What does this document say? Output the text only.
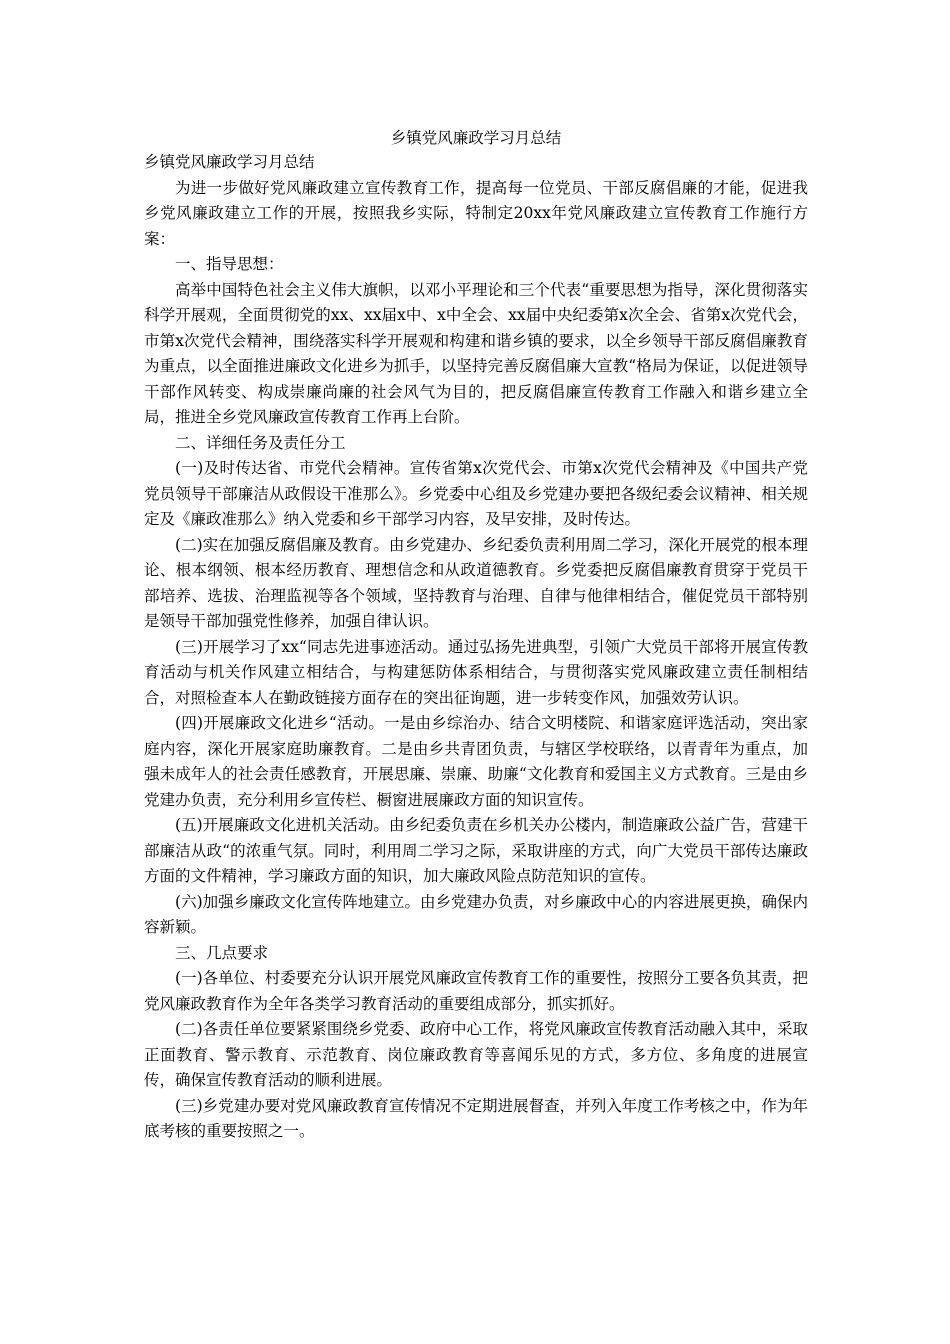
乡镇党风廉政学习月总结

乡镇党风廉政学习月总结

为进一步做好党风廉政建立宣传教育工作，提高每一位党员、干部反腐倡廉的才能，促进我乡党风廉政建立工作的开展，按照我乡实际，特制定20xx年党风廉政建立宣传教育工作施行方案：

一、指导思想：

高举中国特色社会主义伟大旗帜，以邓小平理论和三个代表“重要思想为指导，深化贯彻落实科学开展观，全面贯彻党的xx、xx届x中、x中全会、xx届中央纪委第x次全会、省第x次党代会，市第x次党代会精神，围绕落实科学开展观和构建和谐乡镇的要求，以全乡领导干部反腐倡廉教育为重点，以全面推进廉政文化进乡为抓手，以坚持完善反腐倡廉大宣教“格局为保证，以促进领导干部作风转变、构成崇廉尚廉的社会风气为目的，把反腐倡廉宣传教育工作融入和谐乡建立全局，推进全乡党风廉政宣传教育工作再上台阶。

二、详细任务及责任分工

(一)及时传达省、市党代会精神。宣传省第x次党代会、市第x次党代会精神及《中国共产党党员领导干部廉洁从政假设干准那么》。乡党委中心组及乡党建办要把各级纪委会议精神、相关规定及《廉政准那么》纳入党委和乡干部学习内容，及早安排，及时传达。

(二)实在加强反腐倡廉及教育。由乡党建办、乡纪委负责利用周二学习，深化开展党的根本理论、根本纲领、根本经历教育、理想信念和从政道德教育。乡党委把反腐倡廉教育贯穿于党员干部培养、选拔、治理监视等各个领域，坚持教育与治理、自律与他律相结合，催促党员干部特别是领导干部加强党性修养，加强自律认识。

(三)开展学习了xx“同志先进事迹活动。通过弘扬先进典型，引领广大党员干部将开展宣传教育活动与机关作风建立相结合，与构建惩防体系相结合，与贯彻落实党风廉政建立责任制相结合，对照检查本人在勤政链接方面存在的突出征询题，进一步转变作风，加强效劳认识。

(四)开展廉政文化进乡“活动。一是由乡综治办、结合文明楼院、和谐家庭评选活动，突出家庭内容，深化开展家庭助廉教育。二是由乡共青团负责，与辖区学校联络，以青青年为重点，加强未成年人的社会责任感教育，开展思廉、崇廉、助廉“文化教育和爱国主义方式教育。三是由乡党建办负责，充分利用乡宣传栏、橱窗进展廉政方面的知识宣传。

(五)开展廉政文化进机关活动。由乡纪委负责在乡机关办公楼内，制造廉政公益广告，营建干部廉洁从政“的浓重气氛。同时，利用周二学习之际，采取讲座的方式，向广大党员干部传达廉政方面的文件精神，学习廉政方面的知识，加大廉政风险点防范知识的宣传。

(六)加强乡廉政文化宣传阵地建立。由乡党建办负责，对乡廉政中心的内容进展更换，确保内容新颖。

三、几点要求

(一)各单位、村委要充分认识开展党风廉政宣传教育工作的重要性，按照分工要各负其责，把党风廉政教育作为全年各类学习教育活动的重要组成部分，抓实抓好。

(二)各责任单位要紧紧围绕乡党委、政府中心工作，将党风廉政宣传教育活动融入其中，采取正面教育、警示教育、示范教育、岗位廉政教育等喜闻乐见的方式，多方位、多角度的进展宣传，确保宣传教育活动的顺利进展。

(三)乡党建办要对党风廉政教育宣传情况不定期进展督查，并列入年度工作考核之中，作为年底考核的重要按照之一。
